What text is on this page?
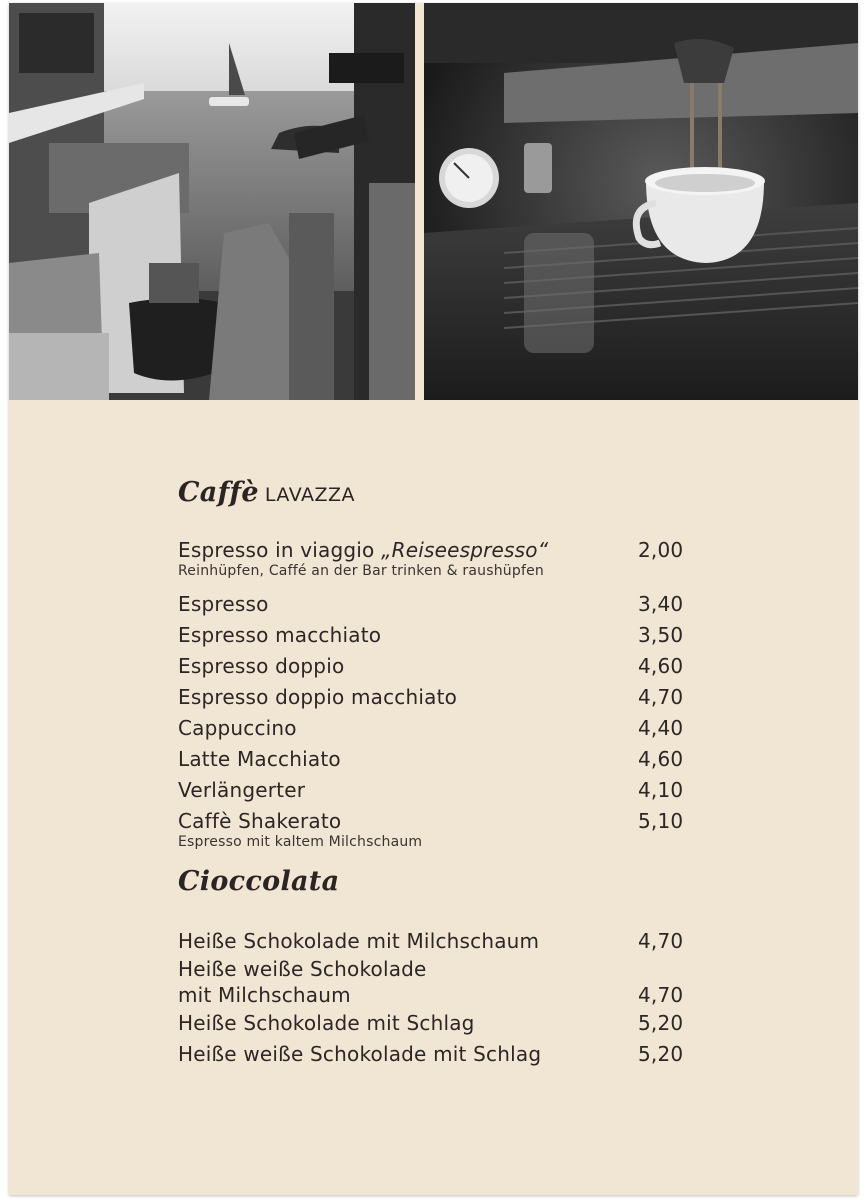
Caffè LAVAZZA
Espresso in viaggio „Reiseespresso“	2,00
Reinhüpfen, Caffé an der Bar trinken & raushüpfen
Espresso	3,40
Espresso macchiato	3,50
Espresso doppio	4,60
Espresso doppio macchiato	4,70
Cappuccino	4,40
Latte Macchiato	4,60
Verlängerter	4,10
Caffè Shakerato	5,10
Espresso mit kaltem Milchschaum
Cioccolata
Heiße Schokolade mit Milchschaum	4,70
Heiße weiße Schokolade
mit Milchschaum	4,70
Heiße Schokolade mit Schlag	5,20
Heiße weiße Schokolade mit Schlag	5,20
